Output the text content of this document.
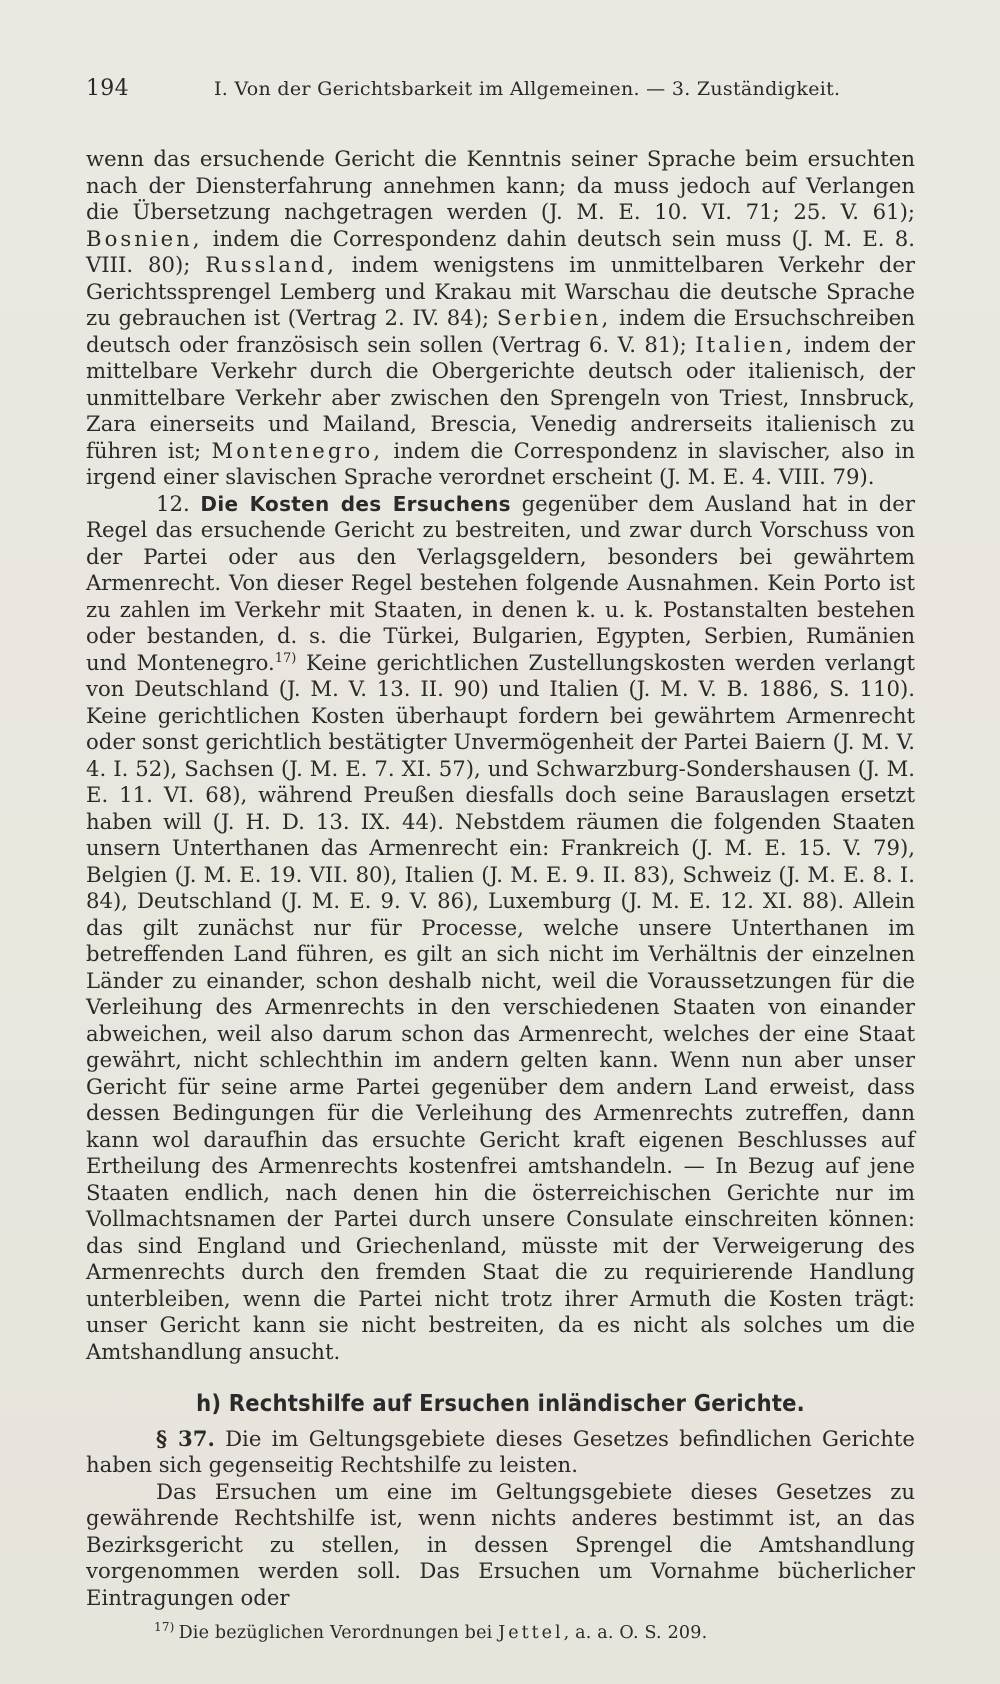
194	I. Von der Gerichtsbarkeit im Allgemeinen. — 3. Zuständigkeit.

wenn das ersuchende Gericht die Kenntnis seiner Sprache beim ersuchten nach der Diensterfahrung annehmen kann; da muss jedoch auf Verlangen die Übersetzung nachgetragen werden (J. M. E. 10. VI. 71; 25. V. 61); Bosnien, indem die Correspondenz dahin deutsch sein muss (J. M. E. 8. VIII. 80); Russland, indem wenigstens im unmittelbaren Verkehr der Gerichtssprengel Lemberg und Krakau mit Warschau die deutsche Sprache zu gebrauchen ist (Vertrag 2. IV. 84); Serbien, indem die Ersuchschreiben deutsch oder französisch sein sollen (Vertrag 6. V. 81); Italien, indem der mittelbare Verkehr durch die Obergerichte deutsch oder italienisch, der unmittelbare Verkehr aber zwischen den Sprengeln von Triest, Innsbruck, Zara einerseits und Mailand, Brescia, Venedig andrerseits italienisch zu führen ist; Montenegro, indem die Correspondenz in slavischer, also in irgend einer slavischen Sprache verordnet erscheint (J. M. E. 4. VIII. 79).

12. Die Kosten des Ersuchens gegenüber dem Ausland hat in der Regel das ersuchende Gericht zu bestreiten, und zwar durch Vorschuss von der Partei oder aus den Verlagsgeldern, besonders bei gewährtem Armenrecht. Von dieser Regel bestehen folgende Ausnahmen. Kein Porto ist zu zahlen im Verkehr mit Staaten, in denen k. u. k. Postanstalten bestehen oder bestanden, d. s. die Türkei, Bulgarien, Egypten, Serbien, Rumänien und Montenegro.$^{17)}$ Keine gerichtlichen Zustellungskosten werden verlangt von Deutschland (J. M. V. 13. II. 90) und Italien (J. M. V. B. 1886, S. 110). Keine gerichtlichen Kosten überhaupt fordern bei gewährtem Armenrecht oder sonst gerichtlich bestätigter Unvermögenheit der Partei Baiern (J. M. V. 4. I. 52), Sachsen (J. M. E. 7. XI. 57), und Schwarzburg-Sondershausen (J. M. E. 11. VI. 68), während Preußen diesfalls doch seine Barauslagen ersetzt haben will (J. H. D. 13. IX. 44). Nebstdem räumen die folgenden Staaten unsern Unterthanen das Armenrecht ein: Frankreich (J. M. E. 15. V. 79), Belgien (J. M. E. 19. VII. 80), Italien (J. M. E. 9. II. 83), Schweiz (J. M. E. 8. I. 84), Deutschland (J. M. E. 9. V. 86), Luxemburg (J. M. E. 12. XI. 88). Allein das gilt zunächst nur für Processe, welche unsere Unterthanen im betreffenden Land führen, es gilt an sich nicht im Verhältnis der einzelnen Länder zu einander, schon deshalb nicht, weil die Voraussetzungen für die Verleihung des Armenrechts in den verschiedenen Staaten von einander abweichen, weil also darum schon das Armenrecht, welches der eine Staat gewährt, nicht schlechthin im andern gelten kann. Wenn nun aber unser Gericht für seine arme Partei gegenüber dem andern Land erweist, dass dessen Bedingungen für die Verleihung des Armenrechts zutreffen, dann kann wol daraufhin das ersuchte Gericht kraft eigenen Beschlusses auf Ertheilung des Armenrechts kostenfrei amtshandeln. — In Bezug auf jene Staaten endlich, nach denen hin die österreichischen Gerichte nur im Vollmachtsnamen der Partei durch unsere Consulate einschreiten können: das sind England und Griechenland, müsste mit der Verweigerung des Armenrechts durch den fremden Staat die zu requirierende Handlung unterbleiben, wenn die Partei nicht trotz ihrer Armuth die Kosten trägt: unser Gericht kann sie nicht bestreiten, da es nicht als solches um die Amtshandlung ansucht.

h) Rechtshilfe auf Ersuchen inländischer Gerichte.

§ 37. Die im Geltungsgebiete dieses Gesetzes befindlichen Gerichte haben sich gegenseitig Rechtshilfe zu leisten.

Das Ersuchen um eine im Geltungsgebiete dieses Gesetzes zu gewährende Rechtshilfe ist, wenn nichts anderes bestimmt ist, an das Bezirksgericht zu stellen, in dessen Sprengel die Amtshandlung vorgenommen werden soll. Das Ersuchen um Vornahme bücherlicher Eintragungen oder

$^{17)}$ Die bezüglichen Verordnungen bei Jettel, a. a. O. S. 209.
